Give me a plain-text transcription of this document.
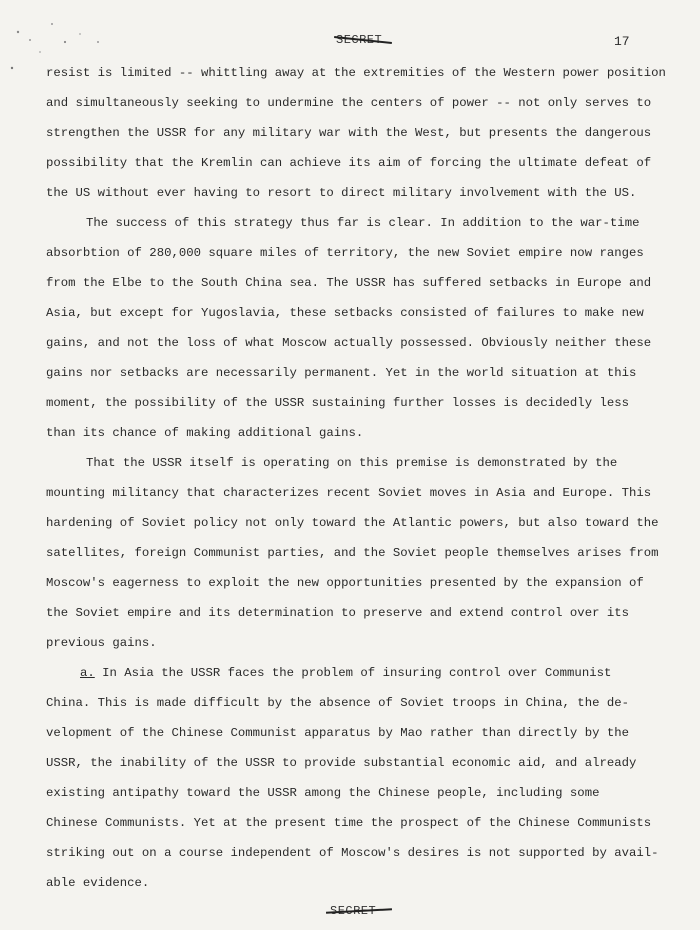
SECRET	17
resist is limited -- whittling away at the extremities of the Western power position
and simultaneously seeking to undermine the centers of power -- not only serves to
strengthen the USSR for any military war with the West, but presents the dangerous
possibility that the Kremlin can achieve its aim of forcing the ultimate defeat of
the US without ever having to resort to direct military involvement with the US.
The success of this strategy thus far is clear. In addition to the war-time
absorbtion of 280,000 square miles of territory, the new Soviet empire now ranges
from the Elbe to the South China sea. The USSR has suffered setbacks in Europe and
Asia, but except for Yugoslavia, these setbacks consisted of failures to make new
gains, and not the loss of what Moscow actually possessed. Obviously neither these
gains nor setbacks are necessarily permanent. Yet in the world situation at this
moment, the possibility of the USSR sustaining further losses is decidedly less
than its chance of making additional gains.
That the USSR itself is operating on this premise is demonstrated by the
mounting militancy that characterizes recent Soviet moves in Asia and Europe. This
hardening of Soviet policy not only toward the Atlantic powers, but also toward the
satellites, foreign Communist parties, and the Soviet people themselves arises from
Moscow's eagerness to exploit the new opportunities presented by the expansion of
the Soviet empire and its determination to preserve and extend control over its
previous gains.
a. In Asia the USSR faces the problem of insuring control over Communist
China. This is made difficult by the absence of Soviet troops in China, the de-
velopment of the Chinese Communist apparatus by Mao rather than directly by the
USSR, the inability of the USSR to provide substantial economic aid, and already
existing antipathy toward the USSR among the Chinese people, including some
Chinese Communists. Yet at the present time the prospect of the Chinese Communists
striking out on a course independent of Moscow's desires is not supported by avail-
able evidence.
SECRET
